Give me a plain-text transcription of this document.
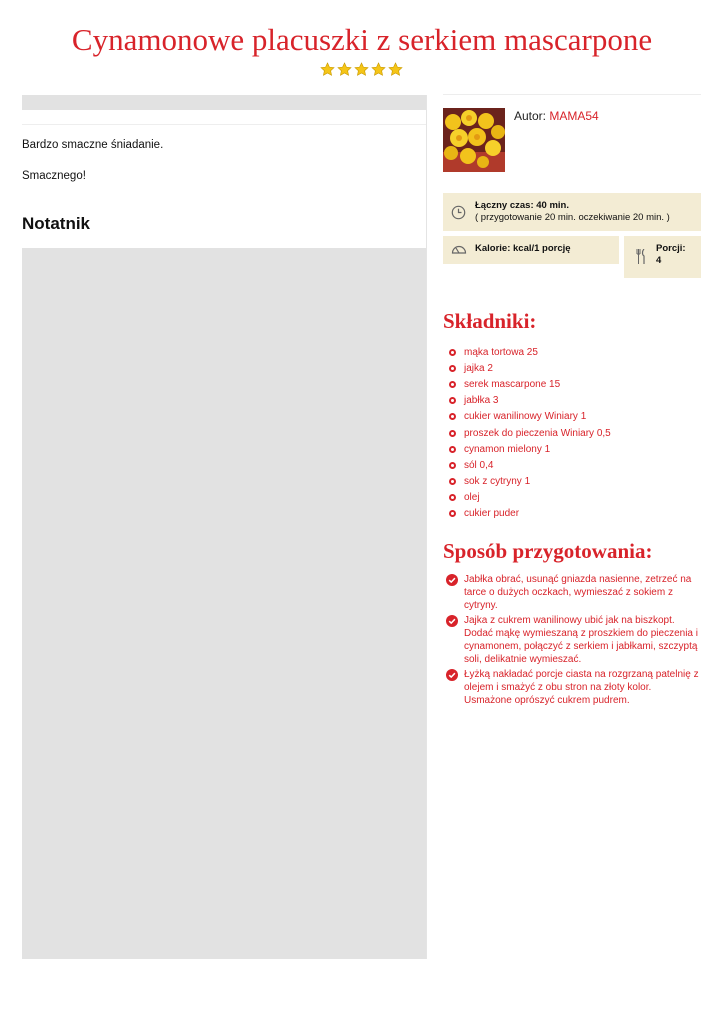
Cynamonowe placuszki z serkiem mascarpone

Bardzo smaczne śniadanie.

Smacznego!

Notatnik
Autor: MAMA54
Łączny czas: 40 min.
( przygotowanie 20 min. oczekiwanie 20 min. )
Kalorie: kcal/1 porcję	Porcji:
4
Składniki:
mąka tortowa 25
jajka 2
serek mascarpone 15
jabłka 3
cukier wanilinowy Winiary 1
proszek do pieczenia Winiary 0,5
cynamon mielony 1
sól 0,4
sok z cytryny 1
olej
cukier puder
Sposób przygotowania:
Jabłka obrać, usunąć gniazda nasienne, zetrzeć na tarce o dużych oczkach, wymieszać z sokiem z cytryny.
Jajka z cukrem wanilinowy ubić jak na biszkopt. Dodać mąkę wymieszaną z proszkiem do pieczenia i cynamonem, połączyć z serkiem i jabłkami, szczyptą soli, delikatnie wymieszać.
Łyżką nakładać porcje ciasta na rozgrzaną patelnię z olejem i smażyć z obu stron na złoty kolor. Usmażone oprószyć cukrem pudrem.
